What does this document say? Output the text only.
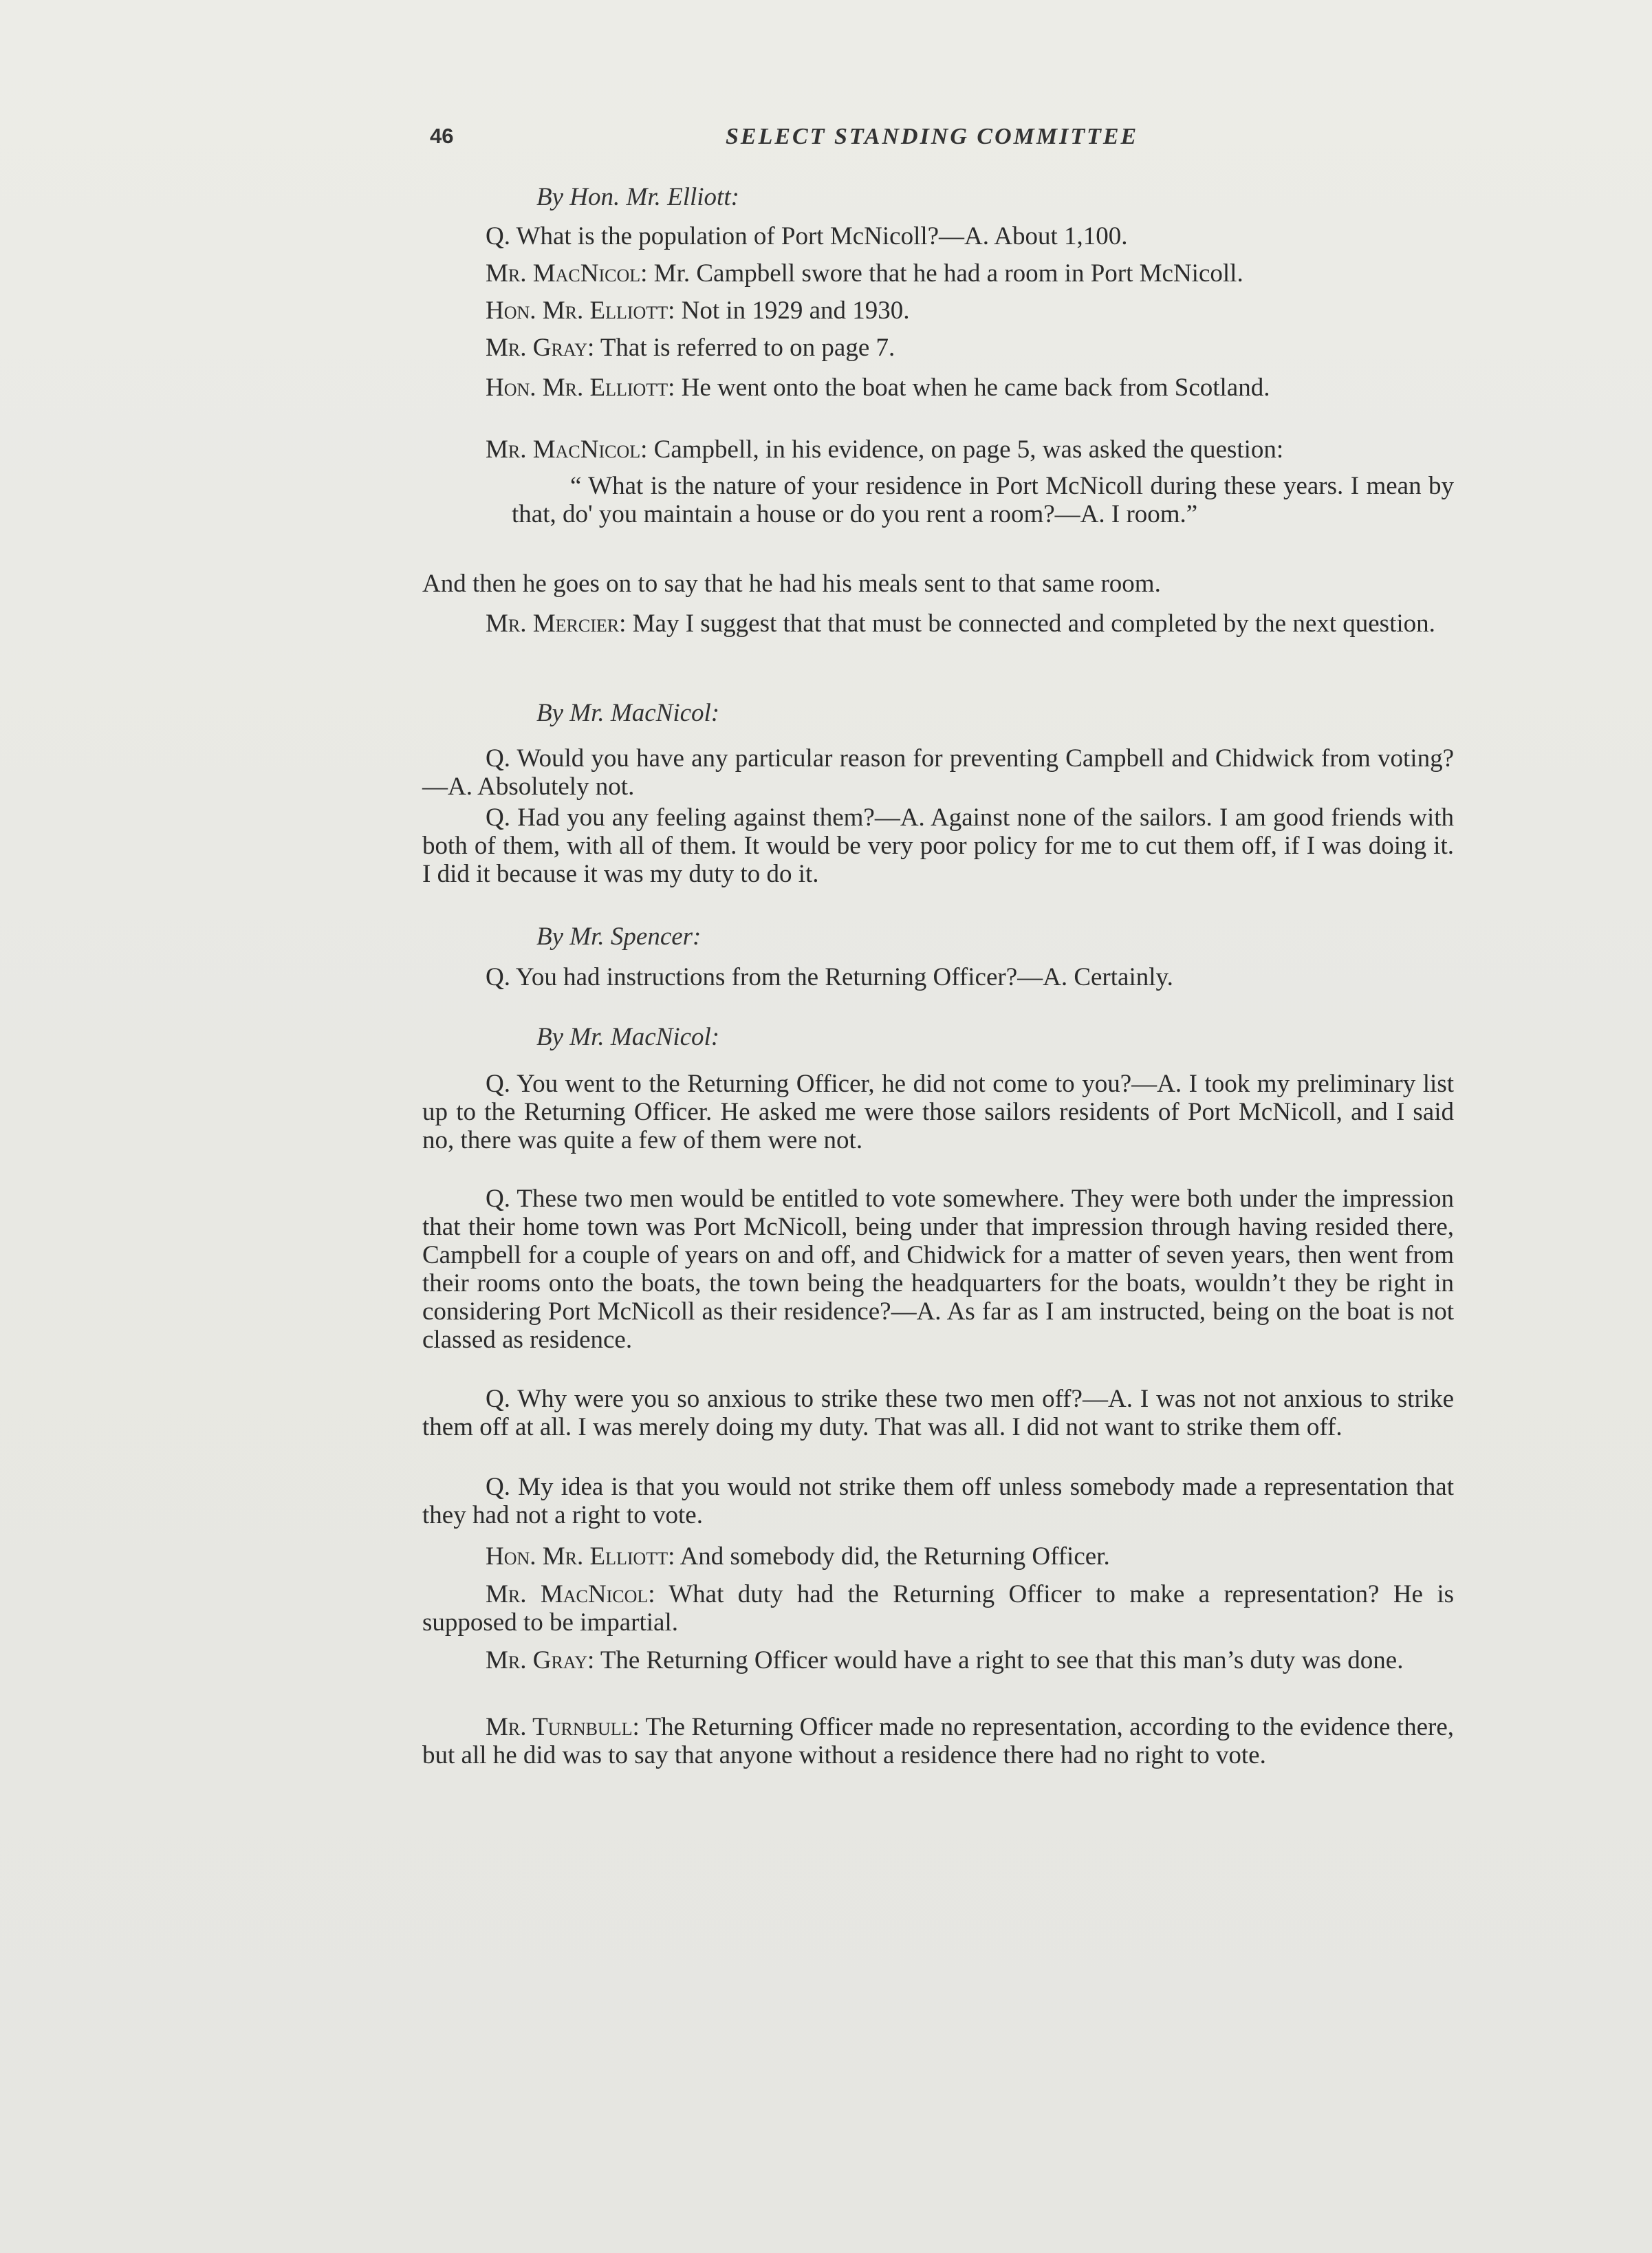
46	SELECT STANDING COMMITTEE
By Hon. Mr. Elliott:

Q. What is the population of Port McNicoll?—A. About 1,100.

Mr. MacNicol: Mr. Campbell swore that he had a room in Port McNicoll.

Hon. Mr. Elliott: Not in 1929 and 1930.

Mr. Gray: That is referred to on page 7.

Hon. Mr. Elliott: He went onto the boat when he came back from Scotland.

Mr. MacNicol: Campbell, in his evidence, on page 5, was asked the question:

“ What is the nature of your residence in Port McNicoll during these years. I mean by that, do' you maintain a house or do you rent a room?—A. I room.”

And then he goes on to say that he had his meals sent to that same room.

Mr. Mercier: May I suggest that that must be connected and completed by the next question.

By Mr. MacNicol:

Q. Would you have any particular reason for preventing Campbell and Chidwick from voting?—A. Absolutely not.

Q. Had you any feeling against them?—A. Against none of the sailors. I am good friends with both of them, with all of them. It would be very poor policy for me to cut them off, if I was doing it. I did it because it was my duty to do it.

By Mr. Spencer:

Q. You had instructions from the Returning Officer?—A. Certainly.

By Mr. MacNicol:

Q. You went to the Returning Officer, he did not come to you?—A. I took my preliminary list up to the Returning Officer. He asked me were those sailors residents of Port McNicoll, and I said no, there was quite a few of them were not.

Q. These two men would be entitled to vote somewhere. They were both under the impression that their home town was Port McNicoll, being under that impression through having resided there, Campbell for a couple of years on and off, and Chidwick for a matter of seven years, then went from their rooms onto the boats, the town being the headquarters for the boats, wouldn’t they be right in considering Port McNicoll as their residence?—A. As far as I am instructed, being on the boat is not classed as residence.

Q. Why were you so anxious to strike these two men off?—A. I was not not anxious to strike them off at all. I was merely doing my duty. That was all. I did not want to strike them off.

Q. My idea is that you would not strike them off unless somebody made a representation that they had not a right to vote.

Hon. Mr. Elliott: And somebody did, the Returning Officer.

Mr. MacNicol: What duty had the Returning Officer to make a representation? He is supposed to be impartial.

Mr. Gray: The Returning Officer would have a right to see that this man’s duty was done.

Mr. Turnbull: The Returning Officer made no representation, according to the evidence there, but all he did was to say that anyone without a residence there had no right to vote.
